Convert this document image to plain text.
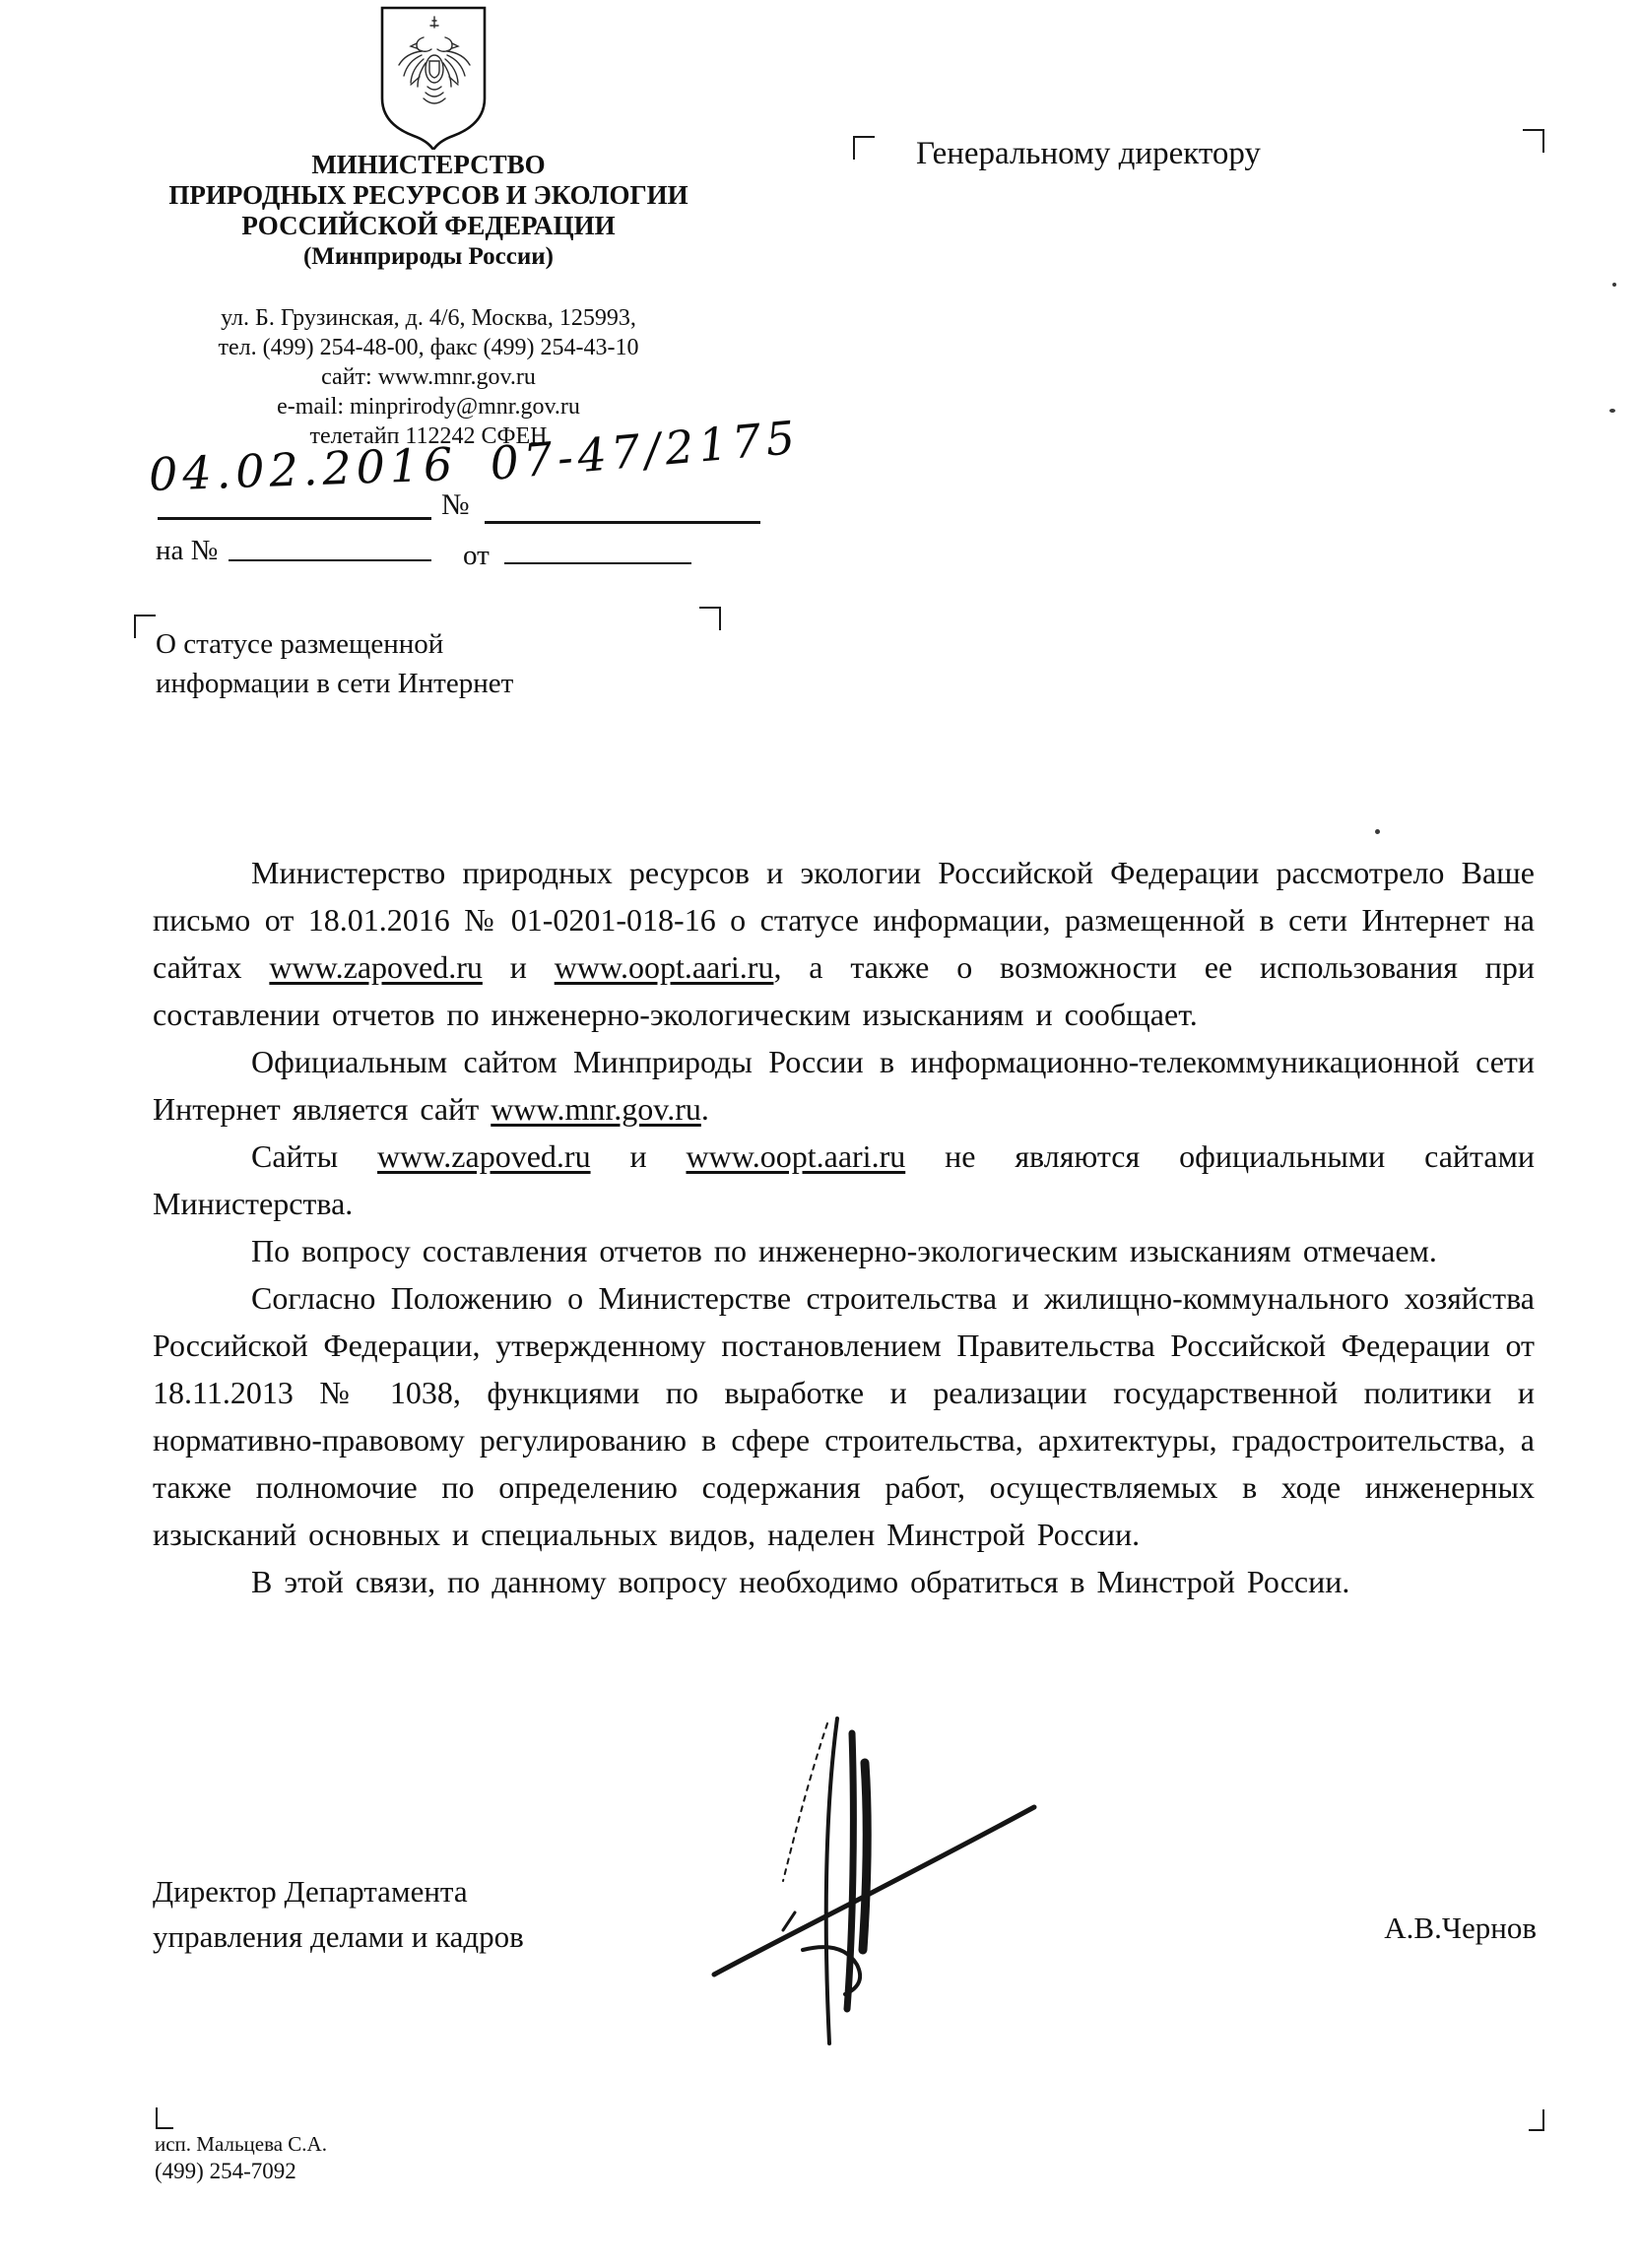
МИНИСТЕРСТВО
ПРИРОДНЫХ РЕСУРСОВ И ЭКОЛОГИИ
РОССИЙСКОЙ ФЕДЕРАЦИИ
(Минприроды России)
ул. Б. Грузинская, д. 4/6, Москва, 125993,
тел. (499) 254-48-00, факс (499) 254-43-10
сайт: www.mnr.gov.ru
e-mail: minprirody@mnr.gov.ru
телетайп 112242 СФЕН
04.02.2016
№
07-47/2175
на №	от
Генеральному директору
О статусе размещенной
информации в сети Интернет

Министерство природных ресурсов и экологии Российской Федерации рассмотрело Ваше письмо от 18.01.2016 № 01-0201-018-16 о статусе информации, размещенной в сети Интернет на сайтах www.zapoved.ru и www.oopt.aari.ru, а также о возможности ее использования при составлении отчетов по инженерно-экологическим изысканиям и сообщает.

Официальным сайтом Минприроды России в информационно-телекоммуникационной сети Интернет является сайт www.mnr.gov.ru.

Сайты www.zapoved.ru и www.oopt.aari.ru не являются официальными сайтами Министерства.

По вопросу составления отчетов по инженерно-экологическим изысканиям отмечаем.

Согласно Положению о Министерстве строительства и жилищно-коммунального хозяйства Российской Федерации, утвержденному постановлением Правительства Российской Федерации от 18.11.2013 № 1038, функциями по выработке и реализации государственной политики и нормативно-правовому регулированию в сфере строительства, архитектуры, градостроительства, а также полномочие по определению содержания работ, осуществляемых в ходе инженерных изысканий основных и специальных видов, наделен Минстрой России.

В этой связи, по данному вопросу необходимо обратиться в Минстрой России.

Директор Департамента
управления делами и кадров	А.В.Чернов
исп. Мальцева С.А.
(499) 254-7092
